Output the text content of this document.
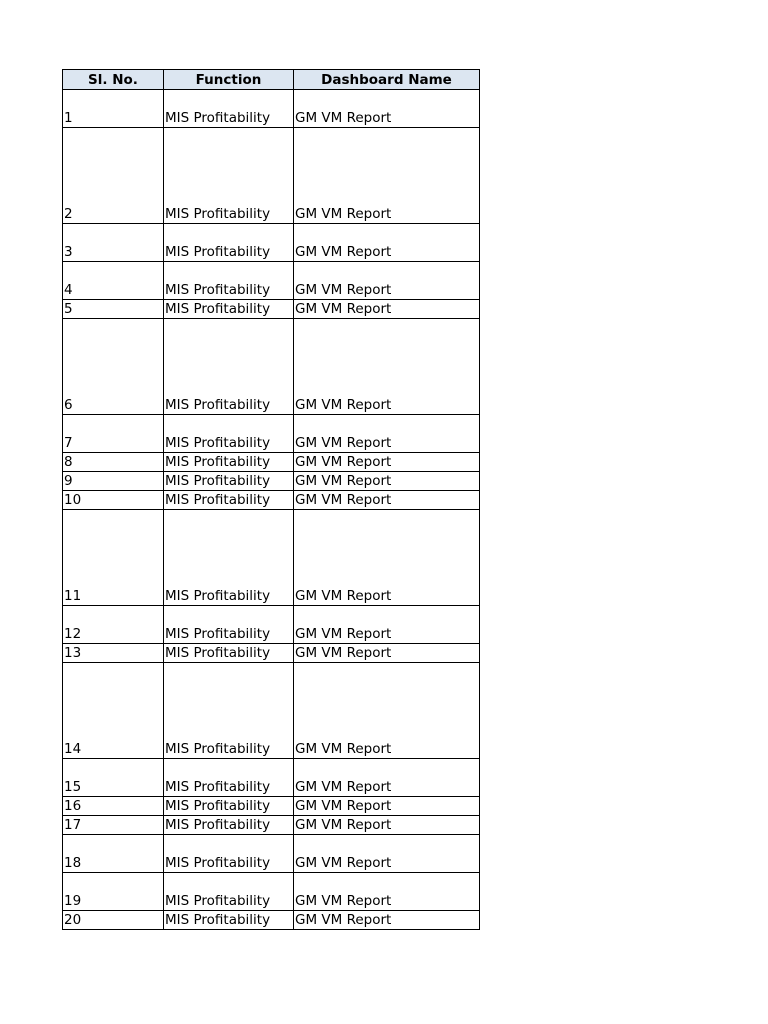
Sl. No.	Function	Dashboard Name
1	MIS Profitability	GM VM Report
2	MIS Profitability	GM VM Report
3	MIS Profitability	GM VM Report
4	MIS Profitability	GM VM Report
5	MIS Profitability	GM VM Report
6	MIS Profitability	GM VM Report
7	MIS Profitability	GM VM Report
8	MIS Profitability	GM VM Report
9	MIS Profitability	GM VM Report
10	MIS Profitability	GM VM Report
11	MIS Profitability	GM VM Report
12	MIS Profitability	GM VM Report
13	MIS Profitability	GM VM Report
14	MIS Profitability	GM VM Report
15	MIS Profitability	GM VM Report
16	MIS Profitability	GM VM Report
17	MIS Profitability	GM VM Report
18	MIS Profitability	GM VM Report
19	MIS Profitability	GM VM Report
20	MIS Profitability	GM VM Report
